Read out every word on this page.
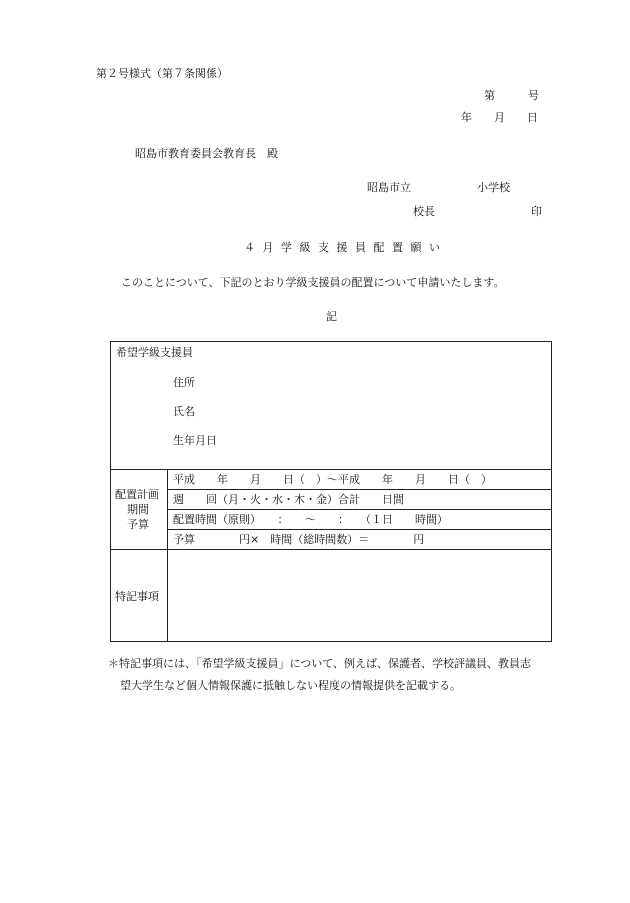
第２号様式（第７条関係）
第　　　号
年　　月　　日
昭島市教育委員会教育長　殿
昭島市立　　　　　　小学校
校長	印
４ 月 学 級 支 援 員 配 置 願 い
このことについて、下記のとおり学級支援員の配置について申請いたします。
記
希望学級支援員
住所
氏名
生年月日
配置計画
期間
予算
平成　　年　　月　　日（　）～平成　　年　　月　　日（　）
週　　回（月・火・水・木・金）合計　　日間
配置時間（原則）　　：　　～　　：　　（１日　　時間）
予算　　　　円×　時間（総時間数）＝　　　　円
特記事項
＊特記事項には、「希望学級支援員」について、例えば、保護者、学校評議員、教員志
望大学生など個人情報保護に抵触しない程度の情報提供を記載する。
